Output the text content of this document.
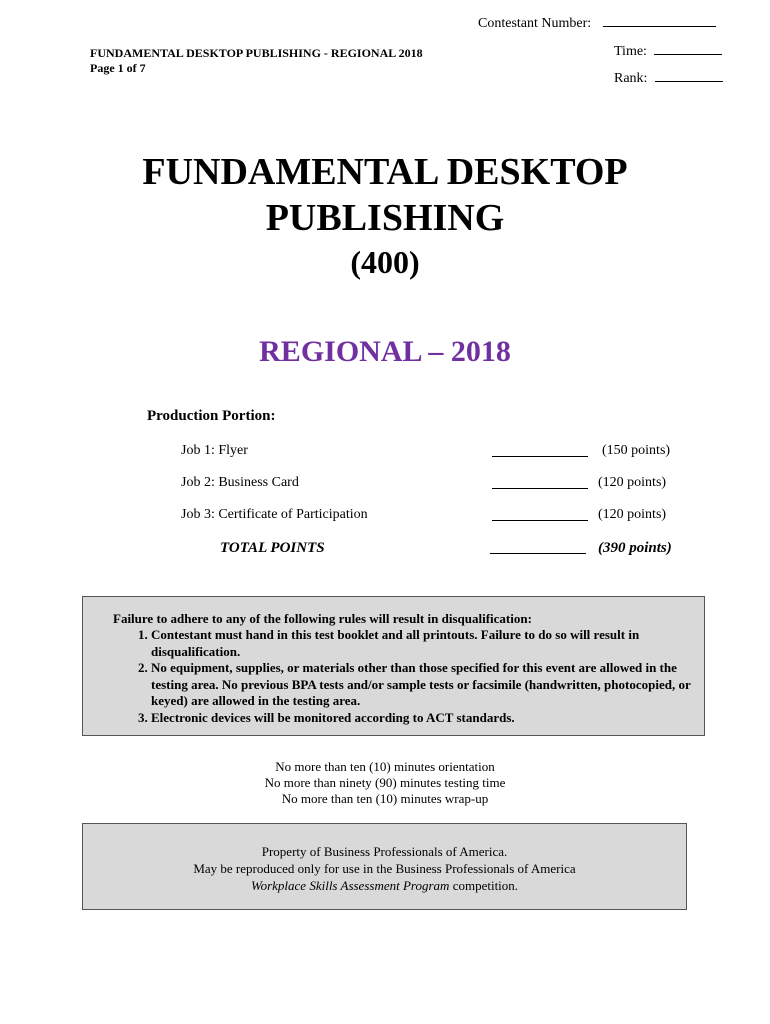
Contestant Number:
Time:
Rank:
FUNDAMENTAL DESKTOP PUBLISHING - REGIONAL 2018
Page 1 of 7
FUNDAMENTAL DESKTOP
PUBLISHING
(400)
REGIONAL – 2018
Production Portion:
Job 1: Flyer	(150 points)
Job 2: Business Card	(120 points)
Job 3: Certificate of Participation	(120 points)
TOTAL POINTS	(390 points)
Failure to adhere to any of the following rules will result in disqualification:
1. Contestant must hand in this test booklet and all printouts. Failure to do so will result in disqualification.
2. No equipment, supplies, or materials other than those specified for this event are allowed in the testing area. No previous BPA tests and/or sample tests or facsimile (handwritten, photocopied, or keyed) are allowed in the testing area.
3. Electronic devices will be monitored according to ACT standards.
No more than ten (10) minutes orientation
No more than ninety (90) minutes testing time
No more than ten (10) minutes wrap-up
Property of Business Professionals of America.
May be reproduced only for use in the Business Professionals of America
Workplace Skills Assessment Program competition.
